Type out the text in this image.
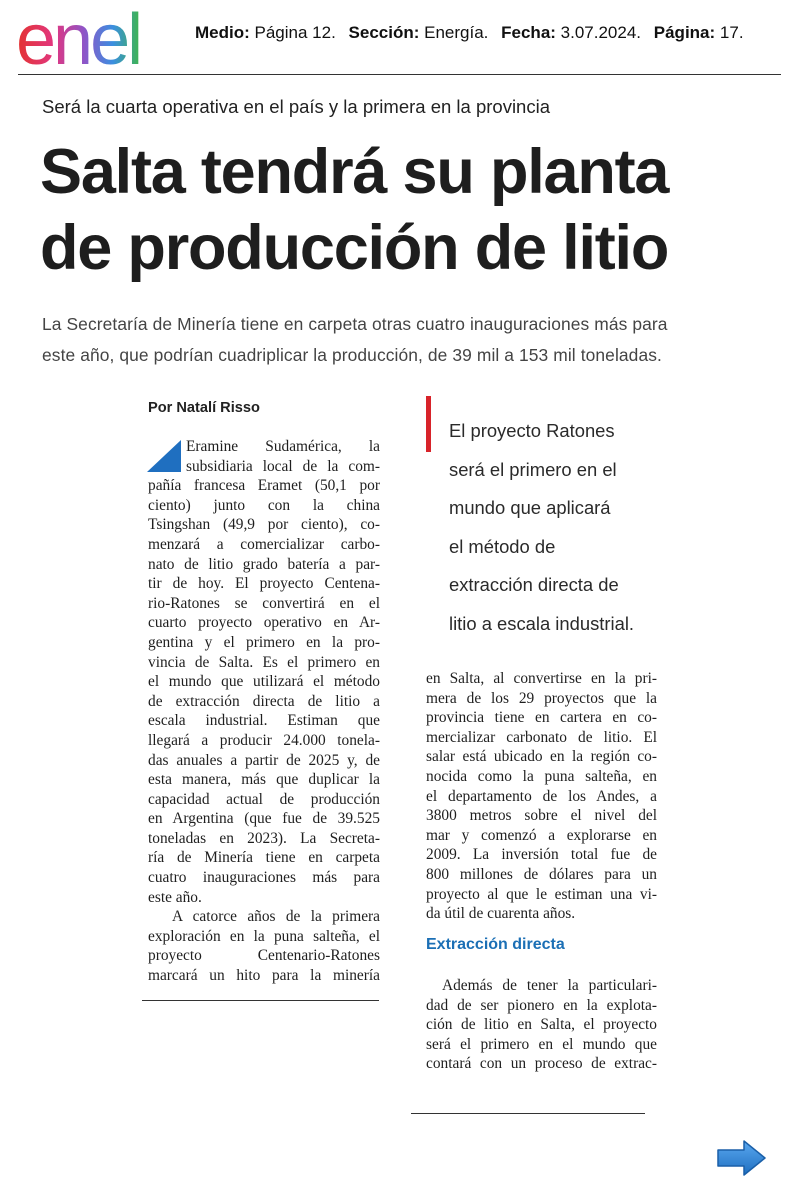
enel	Medio: Página 12. Sección: Energía. Fecha: 3.07.2024. Página: 17.
Será la cuarta operativa en el país y la primera en la provincia
Salta tendrá su planta
de producción de litio
La Secretaría de Minería tiene en carpeta otras cuatro inauguraciones más para
este año, que podrían cuadriplicar la producción, de 39 mil a 153 mil toneladas.
Por Natalí Risso
Eramine Sudamérica, la
subsidiaria local de la com-
pañía francesa Eramet (50,1 por
ciento) junto con la china
Tsingshan (49,9 por ciento), co-
menzará a comercializar carbo-
nato de litio grado batería a par-
tir de hoy. El proyecto Centena-
rio-Ratones se convertirá en el
cuarto proyecto operativo en Ar-
gentina y el primero en la pro-
vincia de Salta. Es el primero en
el mundo que utilizará el método
de extracción directa de litio a
escala industrial. Estiman que
llegará a producir 24.000 tonela-
das anuales a partir de 2025 y, de
esta manera, más que duplicar la
capacidad actual de producción
en Argentina (que fue de 39.525
toneladas en 2023). La Secreta-
ría de Minería tiene en carpeta
cuatro inauguraciones más para
este año.
A catorce años de la primera
exploración en la puna salteña, el
proyecto Centenario-Ratones
marcará un hito para la minería
El proyecto Ratones
será el primero en el
mundo que aplicará
el método de
extracción directa de
litio a escala industrial.
en Salta, al convertirse en la pri-
mera de los 29 proyectos que la
provincia tiene en cartera en co-
mercializar carbonato de litio. El
salar está ubicado en la región co-
nocida como la puna salteña, en
el departamento de los Andes, a
3800 metros sobre el nivel del
mar y comenzó a explorarse en
2009. La inversión total fue de
800 millones de dólares para un
proyecto al que le estiman una vi-
da útil de cuarenta años.
Extracción directa
Además de tener la particulari-
dad de ser pionero en la explota-
ción de litio en Salta, el proyecto
será el primero en el mundo que
contará con un proceso de extrac-
